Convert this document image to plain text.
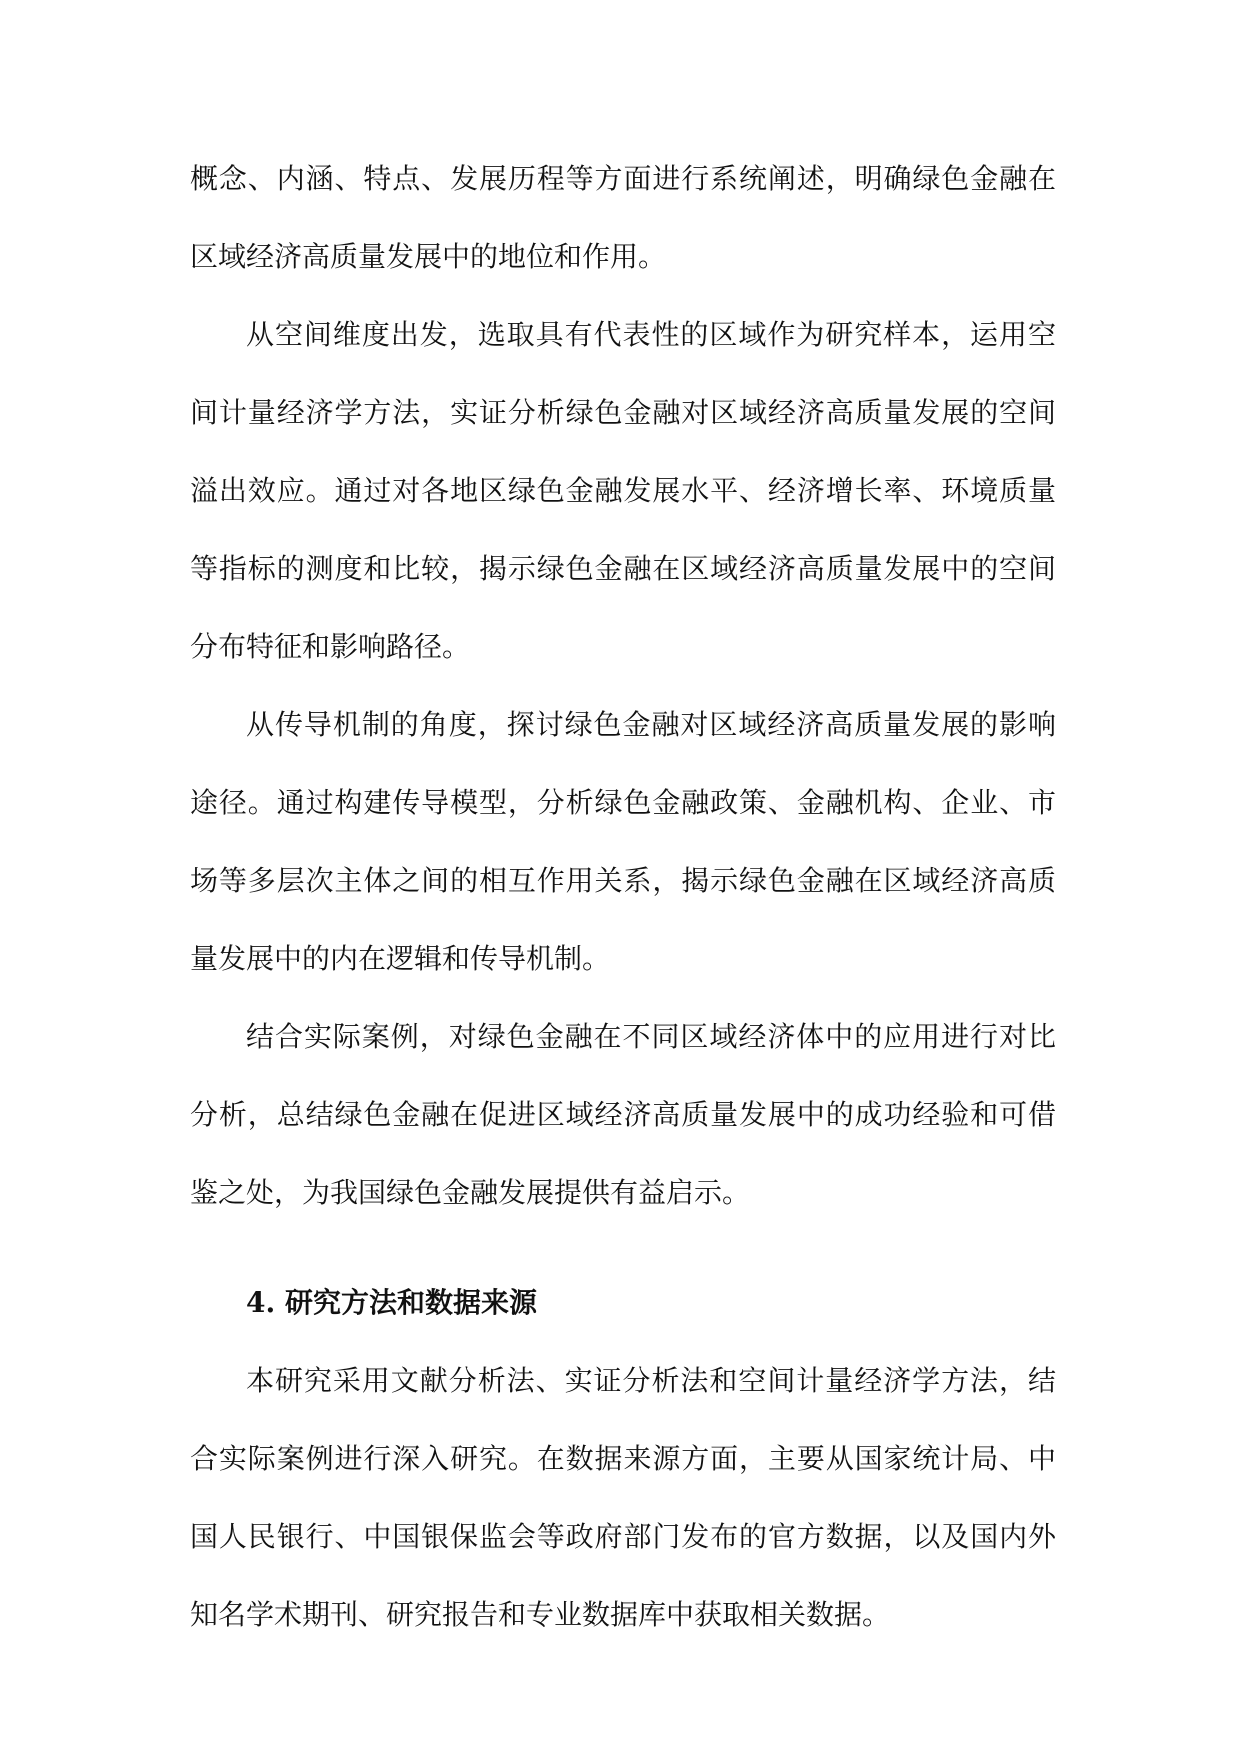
概念、内涵、特点、发展历程等方面进行系统阐述，明确绿色金融在
区域经济高质量发展中的地位和作用。
从空间维度出发，选取具有代表性的区域作为研究样本，运用空
间计量经济学方法，实证分析绿色金融对区域经济高质量发展的空间
溢出效应。通过对各地区绿色金融发展水平、经济增长率、环境质量
等指标的测度和比较，揭示绿色金融在区域经济高质量发展中的空间
分布特征和影响路径。
从传导机制的角度，探讨绿色金融对区域经济高质量发展的影响
途径。通过构建传导模型，分析绿色金融政策、金融机构、企业、市
场等多层次主体之间的相互作用关系，揭示绿色金融在区域经济高质
量发展中的内在逻辑和传导机制。
结合实际案例，对绿色金融在不同区域经济体中的应用进行对比
分析，总结绿色金融在促进区域经济高质量发展中的成功经验和可借
鉴之处，为我国绿色金融发展提供有益启示。
4. 研究方法和数据来源
本研究采用文献分析法、实证分析法和空间计量经济学方法，结
合实际案例进行深入研究。在数据来源方面，主要从国家统计局、中
国人民银行、中国银保监会等政府部门发布的官方数据，以及国内外
知名学术期刊、研究报告和专业数据库中获取相关数据。
